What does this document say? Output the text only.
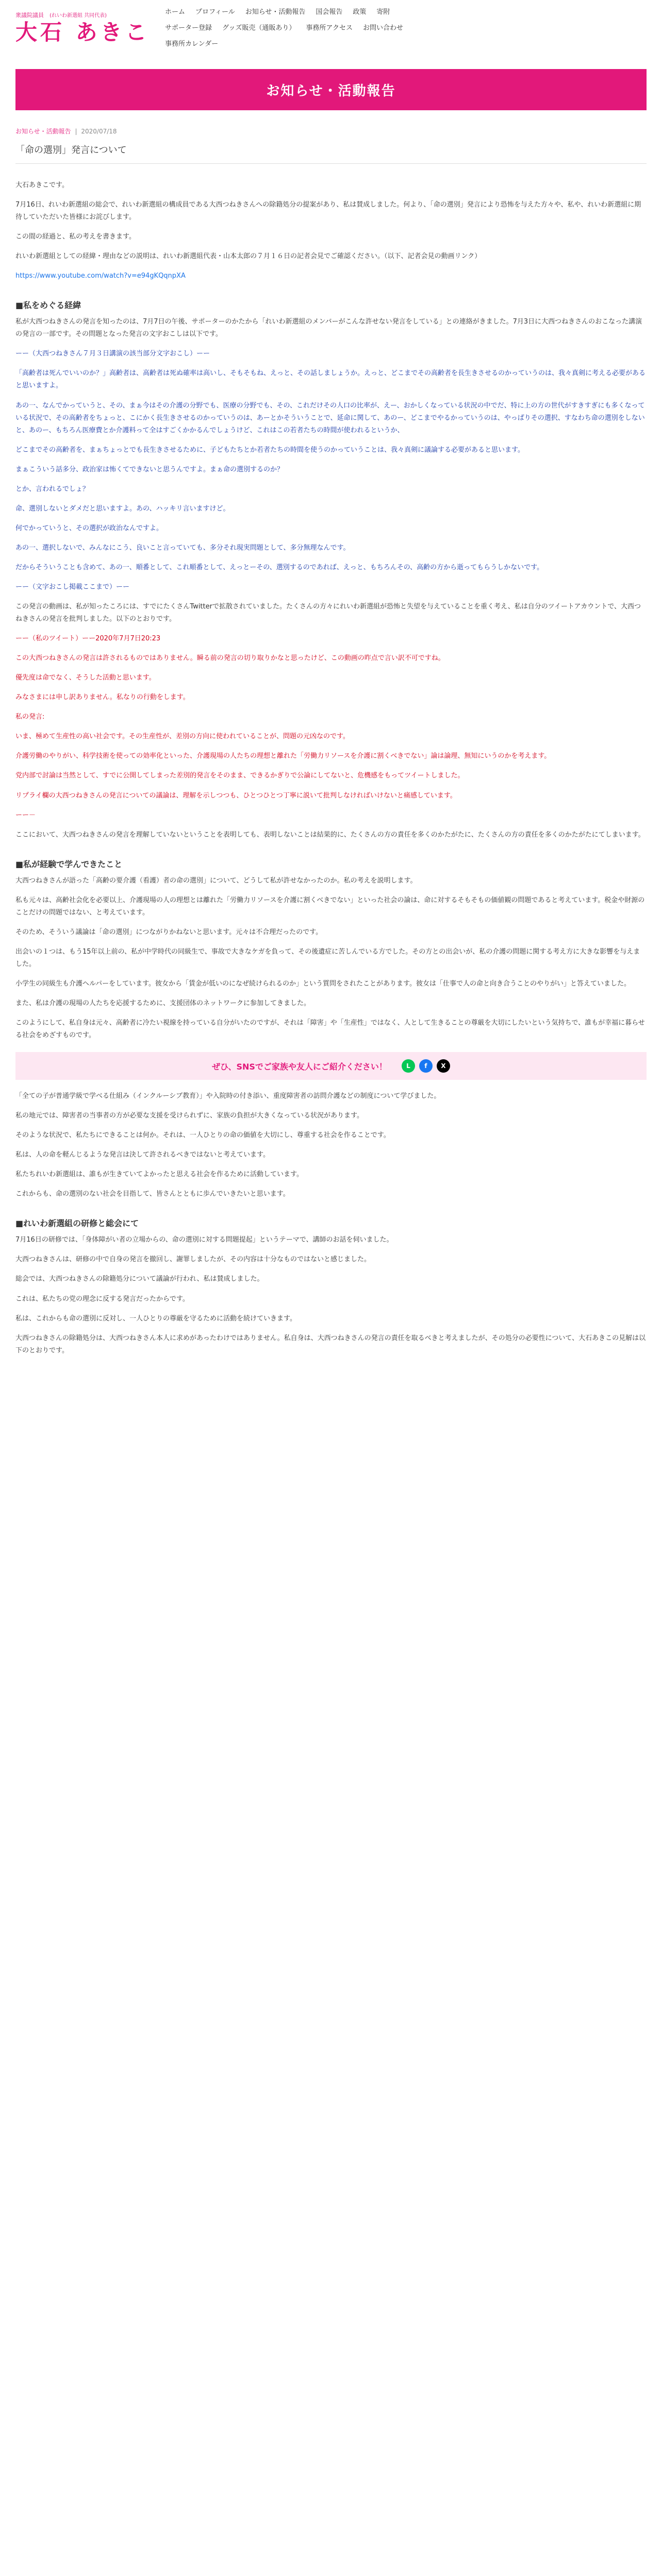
衆議院議員 (れいわ新選組 共同代表)
大石 あきこ
ホーム	プロフィール	お知らせ・活動報告	国会報告	政策	寄附
サポーター登録	グッズ販売（通販あり）	事務所アクセス	お問い合わせ
事務所カレンダー
お知らせ・活動報告
お知らせ・活動報告 | 2020/07/18
「命の選別」発言について

大石あきこです。

7月16日、れいわ新選組の総会で、れいわ新選組の構成員である大西つねきさんへの除籍処分の提案があり、私は賛成しました。何より、「命の選別」発言により恐怖を与えた方々や、私や、れいわ新選組に期待していただいた皆様にお詫びします。

この間の経過と、私の考えを書きます。

れいわ新選組としての経緯・理由などの説明は、れいわ新選組代表・山本太郎の７月１６日の記者会見でご確認ください。（以下、記者会見の動画リンク）

https://www.youtube.com/watch?v=e94gKQqnpXA

■私をめぐる経緯

私が大西つねきさんの発言を知ったのは、7月7日の午後、サポーターのかたから「れいわ新選組のメンバーがこんな許せない発言をしている」との連絡がきました。7月3日に大西つねきさんのおこなった講演の発言の一部です。その問題となった発言の文字おこしは以下です。

ーー（大西つねきさん７月３日講演の該当部分文字おこし）ーー

「高齢者は死んでいいのか？」高齢者は、高齢者は死ぬ確率は高いし、そもそもね、えっと、その話しましょうか。えっと、どこまでその高齢者を長生きさせるのかっていうのは、我々真剣に考える必要があると思いますよ。

あの一、なんでかっていうと、その、まぁ今はその介護の分野でも、医療の分野でも、その、これだけその人口の比率が、えー、おかしくなっている状況の中でだ、特に上の方の世代がすきすぎにも多くなっている状況で、その高齢者をちょっと、こにかく長生きさせるのかっていうのは、あーとかそういうことで、延命に関して、あのー、どこまでやるかっていうのは、やっぱりその選択、すなわち命の選別をしないと、あのー、もちろん医療費とか介護料って全はすごくかかるんでしょうけど、これはこの若者たちの時間が使われるというか、

どこまでその高齢者を、まぁちょっとでも長生きさせるために、子どもたちとか若者たちの時間を使うのかっていうことは、我々真剣に議論する必要があると思います。

まぁこういう話多分、政治家は怖くてできないと思うんですよ。まぁ命の選別するのか？

とか、言われるでしょ？

命、選別しないとダメだと思いますよ。あの、ハッキリ言いますけど。

何でかっていうと、その選択が政治なんですよ。

あの一、選択しないで、みんなにこう、良いこと言っていても、多分それ現実問題として、多分無理なんです。

だからそういうことも含めて、あの一、順番として、これ順番として、えっとーその、選別するのであれば、えっと、もちろんその、高齢の方から逝ってもらうしかないです。

ーー（文字おこし掲載ここまで）ーー

この発言の動画は、私が知ったころには、すでにたくさんTwitterで拡散されていました。たくさんの方々にれいわ新選組が恐怖と失望を与えていることを重く考え、私は自分のツイートアカウントで、大西つねきさんの発言を批判しました。以下のとおりです。

ーー（私のツイート）ーー2020年7月7日20:23

この大西つねきさんの発言は許されるものではありません。瞬る前の発言の切り取りかなと思ったけど、この動画の昨点で言い訳不可ですね。

優先度は命でなく、そうした活動と思います。

みなさまには申し訳ありません。私なりの行動をします。

私の発言:

いま、極めて生産性の高い社会です。その生産性が、差別の方向に使われていることが、問題の元凶なのです。

介護労働のやりがい、科学技術を使っての効率化といった、介護現場の人たちの理想と離れた「労働力リソースを介護に割くべきでない」論は論理、無知にいうのかを考えます。

党内部で討論は当然として、すでに公開してしまった差別的発言をそのまま、できるかぎりで公論にしてないと、危機感をもってツイートしました。

リプライ欄の大西つねきさんの発言についての議論は、理解を示しつつも、ひとつひとつ丁寧に説いて批判しなければいけないと痛感しています。

ーー－

ここにおいて、大西つねきさんの発言を理解していないということを表明しても、表明しないことは結果的に、たくさんの方の責任を多くのかたがたに、たくさんの方の責任を多くのかたがたにてしまいます。

■私が経験で学んできたこと

大西つねきさんが語った「高齢の要介護（看護）者の命の選別」について、どうして私が許せなかったのか。私の考えを説明します。

私も元々は、高齢社会化を必要以上、介護現場の人の理想とは離れた「労働力リソースを介護に割くべきでない」といった社会の論は、命に対するそもそもの価値観の問題であると考えています。税金や財源のことだけの問題ではない、と考えています。

そのため、そういう議論は「命の選別」につながりかねないと思います。元々は不合理だったのです。

出会いの１つは、もう15年以上前の、私が中学時代の同級生で、事故で大きなケガを負って、その後遺症に苦しんでいる方でした。その方との出会いが、私の介護の問題に関する考え方に大きな影響を与えました。

小学生の同級生も介護ヘルパーをしています。彼女から「賃金が低いのになぜ続けられるのか」という質問をされたことがあります。彼女は「仕事で人の命と向き合うことのやりがい」と答えていました。

また、私は介護の現場の人たちを応援するために、支援団体のネットワークに参加してきました。

このようにして、私自身は元々、高齢者に冷たい視線を持っている自分がいたのですが、それは「障害」や「生産性」ではなく、人として生きることの尊厳を大切にしたいという気持ちで、誰もが幸福に暮らせる社会をめざすものです。

ぜひ、SNSでご家族や友人にご紹介ください！	L	f	X

「全ての子が普通学級で学べる仕組み（インクルーシブ教育）」や入院時の付き添い、重度障害者の訪問介護などの制度について学びました。

私の地元では、障害者の当事者の方が必要な支援を受けられずに、家族の負担が大きくなっている状況があります。

そのような状況で、私たちにできることは何か。それは、一人ひとりの命の価値を大切にし、尊重する社会を作ることです。

私は、人の命を軽んじるような発言は決して許されるべきではないと考えています。

私たちれいわ新選組は、誰もが生きていてよかったと思える社会を作るために活動しています。

これからも、命の選別のない社会を目指して、皆さんとともに歩んでいきたいと思います。

■れいわ新選組の研修と総会にて

7月16日の研修では、「身体障がい者の立場からの、命の選別に対する問題提起」というテーマで、講師のお話を伺いました。

大西つねきさんは、研修の中で自身の発言を撤回し、謝罪しましたが、その内容は十分なものではないと感じました。

総会では、大西つねきさんの除籍処分について議論が行われ、私は賛成しました。

これは、私たちの党の理念に反する発言だったからです。

私は、これからも命の選別に反対し、一人ひとりの尊厳を守るために活動を続けていきます。

大西つねきさんの除籍処分は、大西つねきさん本人に求めがあったわけではありません。私自身は、大西つねきさんの発言の責任を取るべきと考えましたが、その処分の必要性について、大石あきこの見解は以下のとおりです。
